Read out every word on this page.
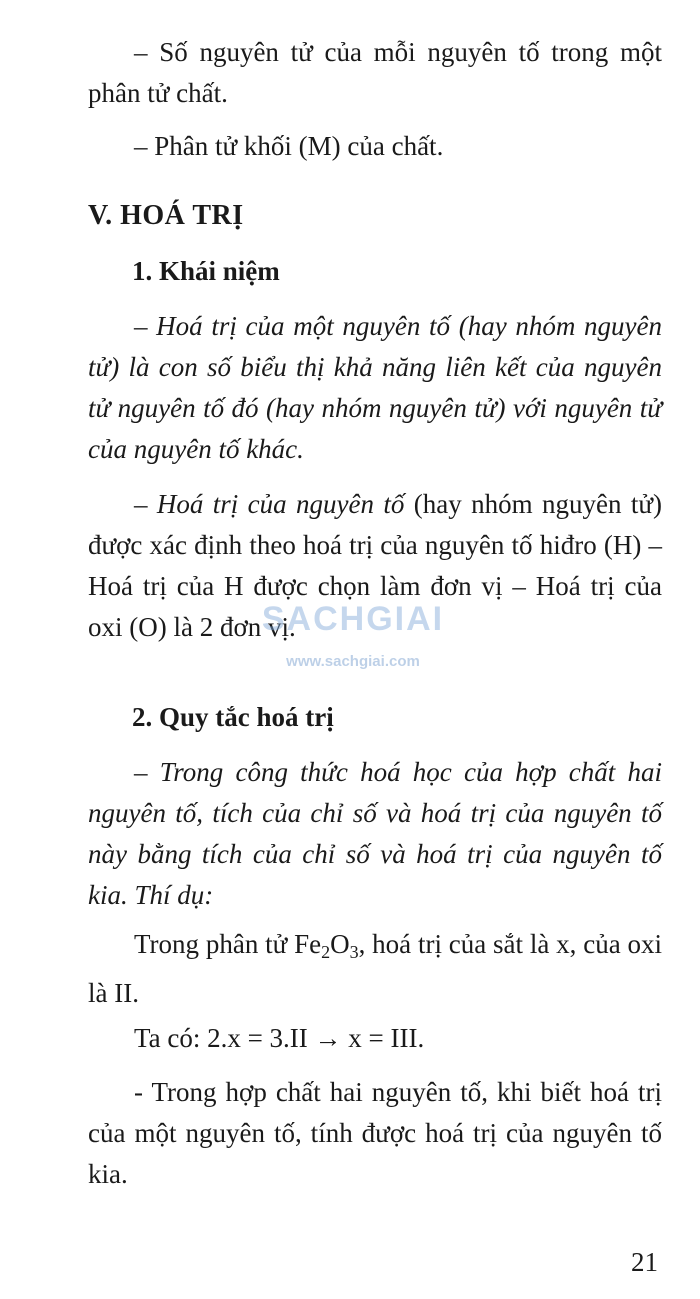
– Số nguyên tử của mỗi nguyên tố trong một phân tử chất.

– Phân tử khối (M) của chất.

V. HOÁ TRỊ
1. Khái niệm

– Hoá trị của một nguyên tố (hay nhóm nguyên tử) là con số biểu thị khả năng liên kết của nguyên tử nguyên tố đó (hay nhóm nguyên tử) với nguyên tử của nguyên tố khác.

– Hoá trị của nguyên tố (hay nhóm nguyên tử) được xác định theo hoá trị của nguyên tố hiđro (H) – Hoá trị của H được chọn làm đơn vị – Hoá trị của oxi (O) là 2 đơn vị.

SACHGIAI
www.sachgiai.com
2. Quy tắc hoá trị

– Trong công thức hoá học của hợp chất hai nguyên tố, tích của chỉ số và hoá trị của nguyên tố này bằng tích của chỉ số và hoá trị của nguyên tố kia. Thí dụ:

Trong phân tử $Fe_2O_3$, hoá trị của sắt là x, của oxi là II.

Ta có: 2.x = 3.II → x = III.

- Trong hợp chất hai nguyên tố, khi biết hoá trị của một nguyên tố, tính được hoá trị của nguyên tố kia.

21
